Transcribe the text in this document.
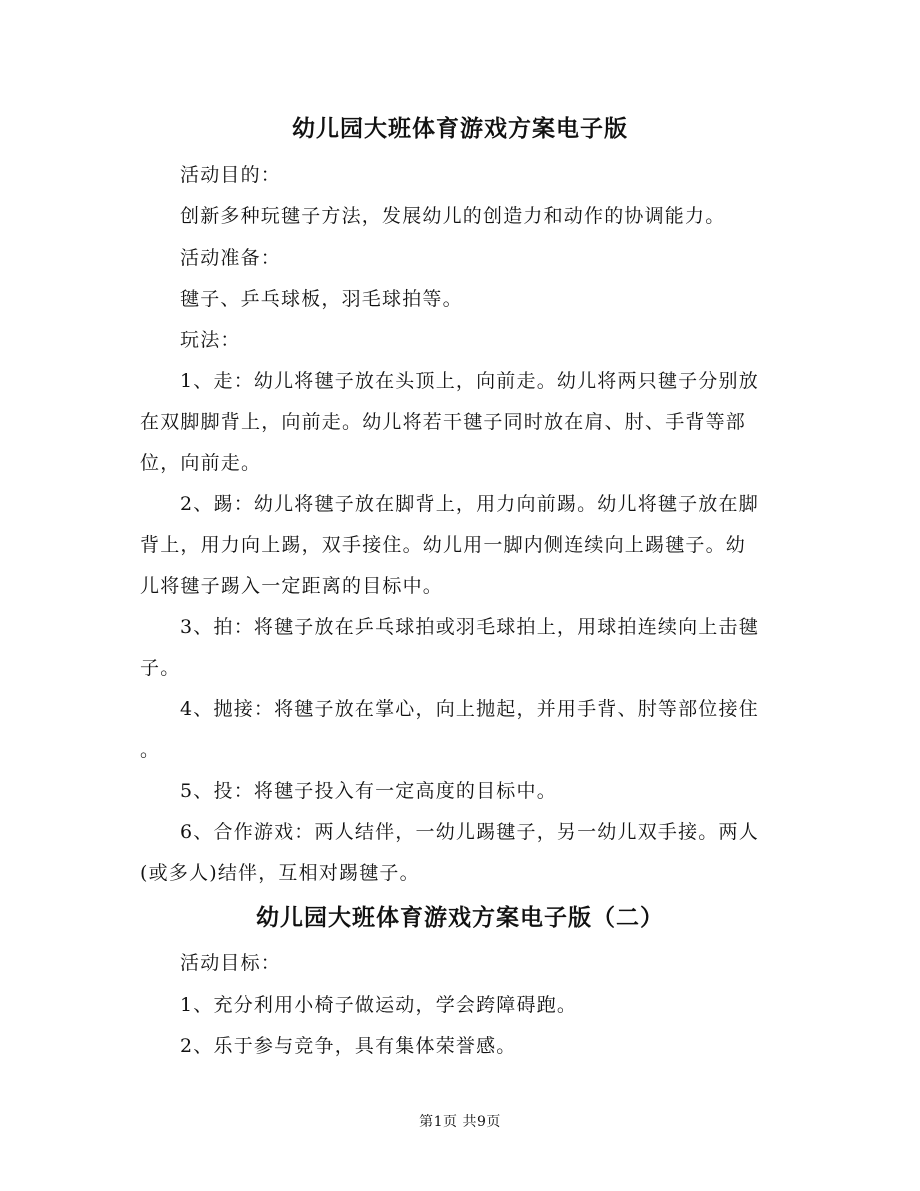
幼儿园大班体育游戏方案电子版

活动目的：

创新多种玩毽子方法，发展幼儿的创造力和动作的协调能力。

活动准备：

毽子、乒乓球板，羽毛球拍等。

玩法：

1、走：幼儿将毽子放在头顶上，向前走。幼儿将两只毽子分别放

在双脚脚背上，向前走。幼儿将若干毽子同时放在肩、肘、手背等部

位，向前走。

2、踢：幼儿将毽子放在脚背上，用力向前踢。幼儿将毽子放在脚

背上，用力向上踢，双手接住。幼儿用一脚内侧连续向上踢毽子。幼

儿将毽子踢入一定距离的目标中。

3、拍：将毽子放在乒乓球拍或羽毛球拍上，用球拍连续向上击毽

子。

4、抛接：将毽子放在掌心，向上抛起，并用手背、肘等部位接住

。

5、投：将毽子投入有一定高度的目标中。

6、合作游戏：两人结伴，一幼儿踢毽子，另一幼儿双手接。两人

(或多人)结伴，互相对踢毽子。

幼儿园大班体育游戏方案电子版（二）

活动目标：

1、充分利用小椅子做运动，学会跨障碍跑。

2、乐于参与竞争，具有集体荣誉感。

第1页 共9页
